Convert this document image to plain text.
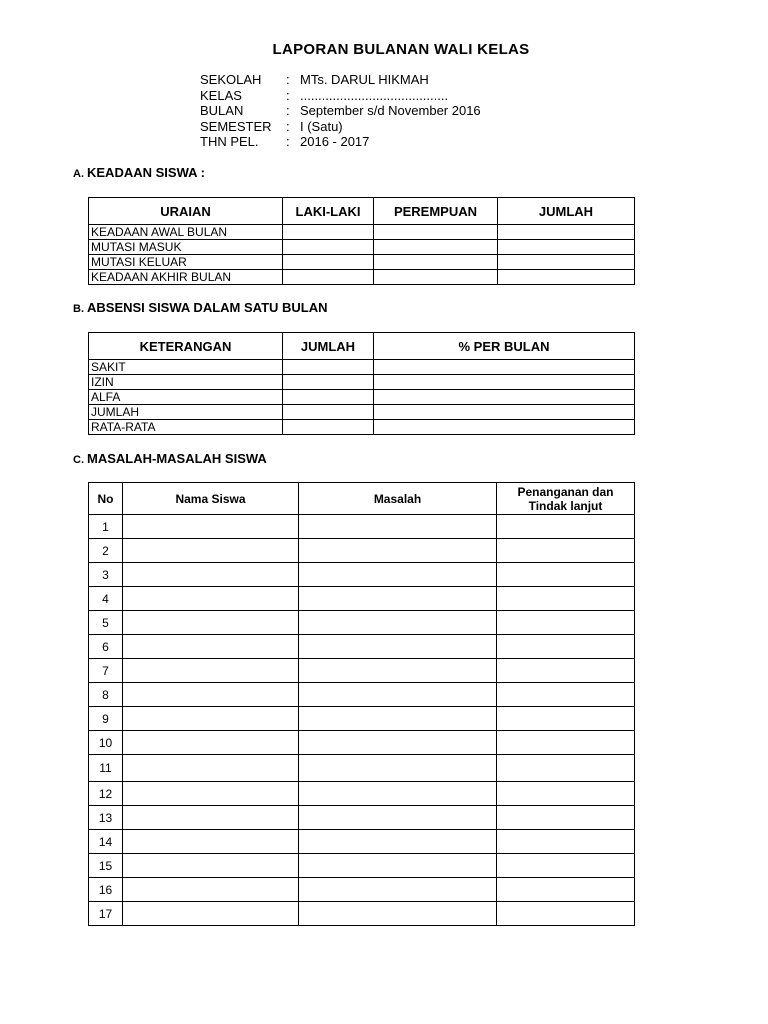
LAPORAN BULANAN WALI KELAS
SEKOLAH	: MTs. DARUL HIKMAH
KELAS	: .........................................
BULAN	: September s/d November 2016
SEMESTER	: I (Satu)
THN PEL.	: 2016 - 2017
A. KEADAAN SISWA :
URAIAN	LAKI-LAKI	PEREMPUAN	JUMLAH
KEADAAN AWAL BULAN			
MUTASI MASUK			
MUTASI KELUAR			
KEADAAN AKHIR BULAN			
B. ABSENSI SISWA DALAM SATU BULAN
KETERANGAN	JUMLAH	% PER BULAN
SAKIT		
IZIN		
ALFA		
JUMLAH		
RATA-RATA		
C. MASALAH-MASALAH SISWA
No	Nama Siswa	Masalah	Penanganan dan Tindak lanjut
1			
2			
3			
4			
5			
6			
7			
8			
9			
10			
11			
12			
13			
14			
15			
16			
17			
